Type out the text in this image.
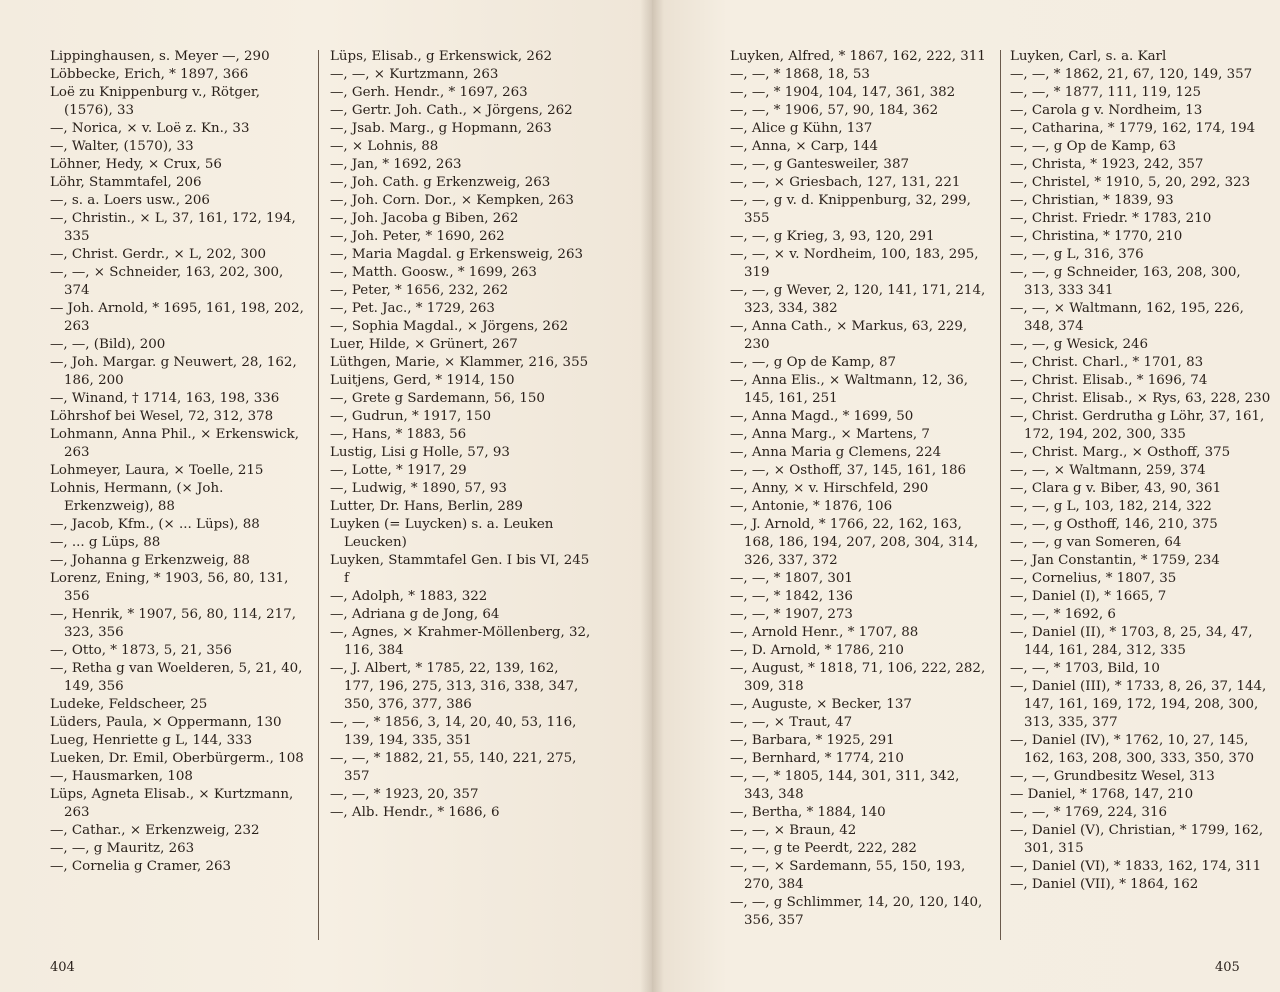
Lippinghausen, s. Meyer —, 290

Löbbecke, Erich, * 1897, 366

Loë zu Knippenburg v., Rötger, (1576), 33

—, Norica, × v. Loë z. Kn., 33

—, Walter, (1570), 33

Löhner, Hedy, × Crux, 56

Löhr, Stammtafel, 206

—, s. a. Loers usw., 206

—, Christin., × L, 37, 161, 172, 194, 335

—, Christ. Gerdr., × L, 202, 300

—, —, × Schneider, 163, 202, 300, 374

— Joh. Arnold, * 1695, 161, 198, 202, 263

—, —, (Bild), 200

—, Joh. Margar. g Neuwert, 28, 162, 186, 200

—, Winand, † 1714, 163, 198, 336

Löhrshof bei Wesel, 72, 312, 378

Lohmann, Anna Phil., × Erkenswick, 263

Lohmeyer, Laura, × Toelle, 215

Lohnis, Hermann, (× Joh. Erkenzweig), 88

—, Jacob, Kfm., (× ... Lüps), 88

—, ... g Lüps, 88

—, Johanna g Erkenzweig, 88

Lorenz, Ening, * 1903, 56, 80, 131, 356

—, Henrik, * 1907, 56, 80, 114, 217, 323, 356

—, Otto, * 1873, 5, 21, 356

—, Retha g van Woelderen, 5, 21, 40, 149, 356

Ludeke, Feldscheer, 25

Lüders, Paula, × Oppermann, 130

Lueg, Henriette g L, 144, 333

Lueken, Dr. Emil, Oberbürgerm., 108

—, Hausmarken, 108

Lüps, Agneta Elisab., × Kurtzmann, 263

—, Cathar., × Erkenzweig, 232

—, —, g Mauritz, 263

—, Cornelia g Cramer, 263

Lüps, Elisab., g Erkenswick, 262

—, —, × Kurtzmann, 263

—, Gerh. Hendr., * 1697, 263

—, Gertr. Joh. Cath., × Jörgens, 262

—, Jsab. Marg., g Hopmann, 263

—, × Lohnis, 88

—, Jan, * 1692, 263

—, Joh. Cath. g Erkenzweig, 263

—, Joh. Corn. Dor., × Kempken, 263

—, Joh. Jacoba g Biben, 262

—, Joh. Peter, * 1690, 262

—, Maria Magdal. g Erkensweig, 263

—, Matth. Goosw., * 1699, 263

—, Peter, * 1656, 232, 262

—, Pet. Jac., * 1729, 263

—, Sophia Magdal., × Jörgens, 262

Luer, Hilde, × Grünert, 267

Lüthgen, Marie, × Klammer, 216, 355

Luitjens, Gerd, * 1914, 150

—, Grete g Sardemann, 56, 150

—, Gudrun, * 1917, 150

—, Hans, * 1883, 56

Lustig, Lisi g Holle, 57, 93

—, Lotte, * 1917, 29

—, Ludwig, * 1890, 57, 93

Lutter, Dr. Hans, Berlin, 289

Luyken (= Luycken) s. a. Leuken Leucken)

Luyken, Stammtafel Gen. I bis VI, 245 f

—, Adolph, * 1883, 322

—, Adriana g de Jong, 64

—, Agnes, × Krahmer-Möllenberg, 32, 116, 384

—, J. Albert, * 1785, 22, 139, 162, 177, 196, 275, 313, 316, 338, 347, 350, 376, 377, 386

—, —, * 1856, 3, 14, 20, 40, 53, 116, 139, 194, 335, 351

—, —, * 1882, 21, 55, 140, 221, 275, 357

—, —, * 1923, 20, 357

—, Alb. Hendr., * 1686, 6

Luyken, Alfred, * 1867, 162, 222, 311

—, —, * 1868, 18, 53

—, —, * 1904, 104, 147, 361, 382

—, —, * 1906, 57, 90, 184, 362

—, Alice g Kühn, 137

—, Anna, × Carp, 144

—, —, g Ganteswеiler, 387

—, —, × Griesbach, 127, 131, 221

—, —, g v. d. Knippenburg, 32, 299, 355

—, —, g Krieg, 3, 93, 120, 291

—, —, × v. Nordheim, 100, 183, 295, 319

—, —, g Wever, 2, 120, 141, 171, 214, 323, 334, 382

—, Anna Cath., × Markus, 63, 229, 230

—, —, g Op de Kamp, 87

—, Anna Elis., × Waltmann, 12, 36, 145, 161, 251

—, Anna Magd., * 1699, 50

—, Anna Marg., × Martens, 7

—, Anna Maria g Clemens, 224

—, —, × Osthoff, 37, 145, 161, 186

—, Anny, × v. Hirschfeld, 290

—, Antonie, * 1876, 106

—, J. Arnold, * 1766, 22, 162, 163, 168, 186, 194, 207, 208, 304, 314, 326, 337, 372

—, —, * 1807, 301

—, —, * 1842, 136

—, —, * 1907, 273

—, Arnold Henr., * 1707, 88

—, D. Arnold, * 1786, 210

—, August, * 1818, 71, 106, 222, 282, 309, 318

—, Auguste, × Becker, 137

—, —, × Traut, 47

—, Barbara, * 1925, 291

—, Bernhard, * 1774, 210

—, —, * 1805, 144, 301, 311, 342, 343, 348

—, Bertha, * 1884, 140

—, —, × Braun, 42

—, —, g te Peerdt, 222, 282

—, —, × Sardemann, 55, 150, 193, 270, 384

—, —, g Schlimmer, 14, 20, 120, 140, 356, 357

Luyken, Carl, s. a. Karl

—, —, * 1862, 21, 67, 120, 149, 357

—, —, * 1877, 111, 119, 125

—, Carola g v. Nordheim, 13

—, Catharina, * 1779, 162, 174, 194

—, —, g Op de Kamp, 63

—, Christa, * 1923, 242, 357

—, Christel, * 1910, 5, 20, 292, 323

—, Christian, * 1839, 93

—, Christ. Friedr. * 1783, 210

—, Christina, * 1770, 210

—, —, g L, 316, 376

—, —, g Schneider, 163, 208, 300, 313, 333 341

—, —, × Waltmann, 162, 195, 226, 348, 374

—, —, g Wesick, 246

—, Christ. Charl., * 1701, 83

—, Christ. Elisab., * 1696, 74

—, Christ. Elisab., × Rys, 63, 228, 230

—, Christ. Gerdrutha g Löhr, 37, 161, 172, 194, 202, 300, 335

—, Christ. Marg., × Osthoff, 375

—, —, × Waltmann, 259, 374

—, Clara g v. Biber, 43, 90, 361

—, —, g L, 103, 182, 214, 322

—, —, g Osthoff, 146, 210, 375

—, —, g van Someren, 64

—, Jan Constantin, * 1759, 234

—, Cornelius, * 1807, 35

—, Daniel (I), * 1665, 7

—, —, * 1692, 6

—, Daniel (II), * 1703, 8, 25, 34, 47, 144, 161, 284, 312, 335

—, —, * 1703, Bild, 10

—, Daniel (III), * 1733, 8, 26, 37, 144, 147, 161, 169, 172, 194, 208, 300, 313, 335, 377

—, Daniel (IV), * 1762, 10, 27, 145, 162, 163, 208, 300, 333, 350, 370

—, —, Grundbesitz Wesel, 313

— Daniel, * 1768, 147, 210

—, —, * 1769, 224, 316

—, Daniel (V), Christian, * 1799, 162, 301, 315

—, Daniel (VI), * 1833, 162, 174, 311

—, Daniel (VII), * 1864, 162

404	405
